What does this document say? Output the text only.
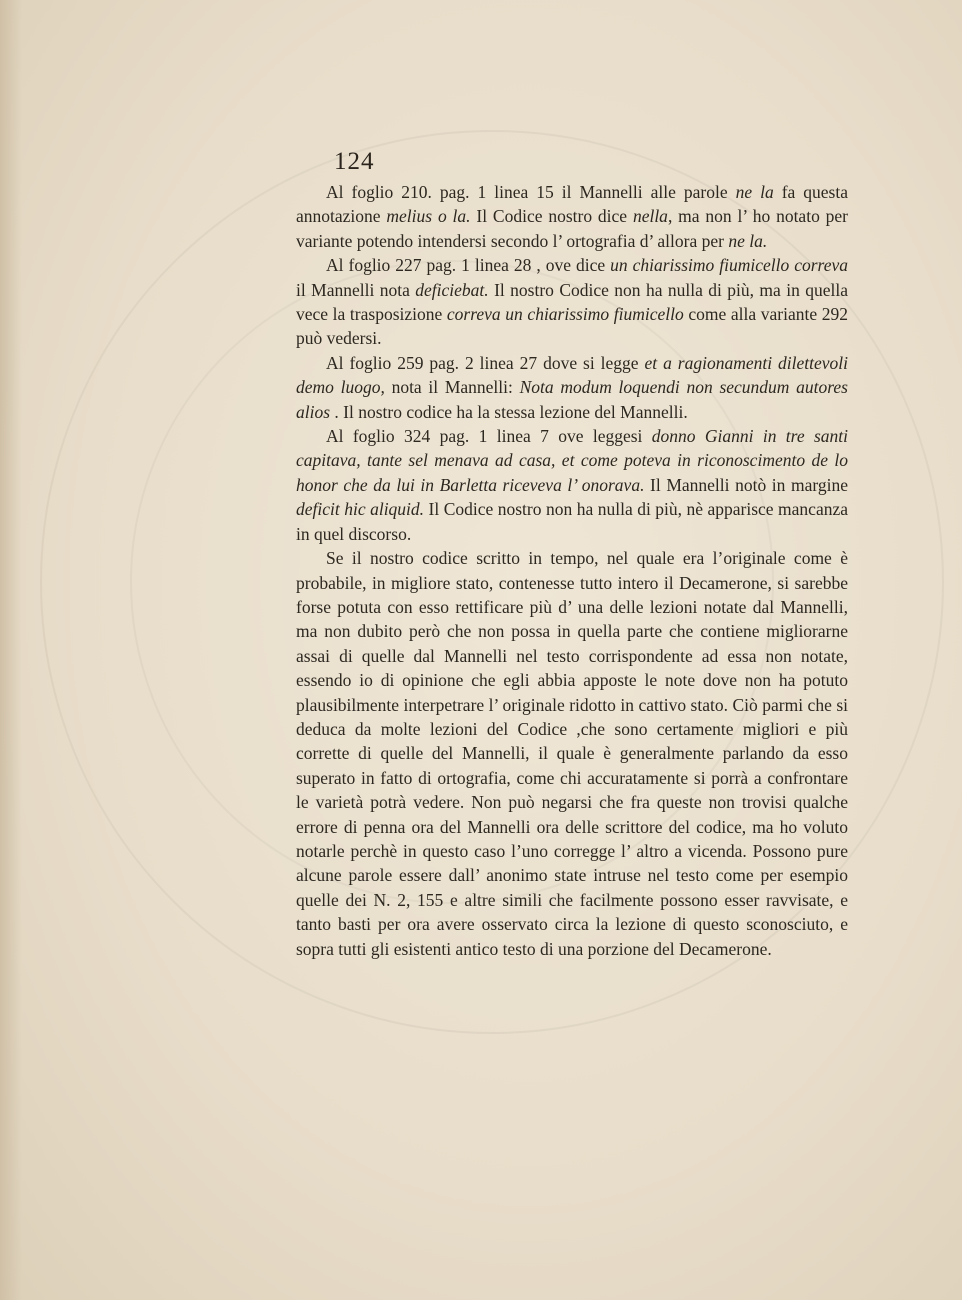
124

Al foglio 210. pag. 1 linea 15 il Mannelli alle parole ne la fa questa annotazione melius o la. Il Codice nostro dice nella, ma non l’ ho notato per variante potendo intendersi secondo l’ ortografia d’ allora per ne la.

Al foglio 227 pag. 1 linea 28 , ove dice un chiarissimo fiumicello correva il Mannelli nota deficiebat. Il nostro Codice non ha nulla di più, ma in quella vece la trasposizione correva un chiarissimo fiumicello come alla variante 292 può vedersi.

Al foglio 259 pag. 2 linea 27 dove si legge et a ragionamenti dilettevoli demo luogo, nota il Mannelli: Nota modum loquendi non secundum autores alios . Il nostro codice ha la stessa lezione del Mannelli.

Al foglio 324 pag. 1 linea 7 ove leggesi donno Gianni in tre santi capitava, tante sel menava ad casa, et come poteva in riconoscimento de lo honor che da lui in Barletta riceveva l’ onorava. Il Mannelli notò in margine deficit hic aliquid. Il Codice nostro non ha nulla di più, nè apparisce mancanza in quel discorso.

Se il nostro codice scritto in tempo, nel quale era l’originale come è probabile, in migliore stato, contenesse tutto intero il Decamerone, si sarebbe forse potuta con esso rettificare più d’ una delle lezioni notate dal Mannelli, ma non dubito però che non possa in quella parte che contiene migliorarne assai di quelle dal Mannelli nel testo corrispondente ad essa non notate, essendo io di opinione che egli abbia apposte le note dove non ha potuto plausibilmente interpetrare l’ originale ridotto in cattivo stato. Ciò parmi che si deduca da molte lezioni del Codice ,che sono certamente migliori e più corrette di quelle del Mannelli, il quale è generalmente parlando da esso superato in fatto di ortografia, come chi accuratamente si porrà a confrontare le varietà potrà vedere. Non può negarsi che fra queste non trovisi qualche errore di penna ora del Mannelli ora delle scrittore del codice, ma ho voluto notarle perchè in questo caso l’uno corregge l’ altro a vicenda. Possono pure alcune parole essere dall’ anonimo state intruse nel testo come per esempio quelle dei N. 2, 155 e altre simili che facilmente possono esser ravvisate, e tanto basti per ora avere osservato circa la lezione di questo sconosciuto, e sopra tutti gli esistenti antico testo di una porzione del Decamerone.
